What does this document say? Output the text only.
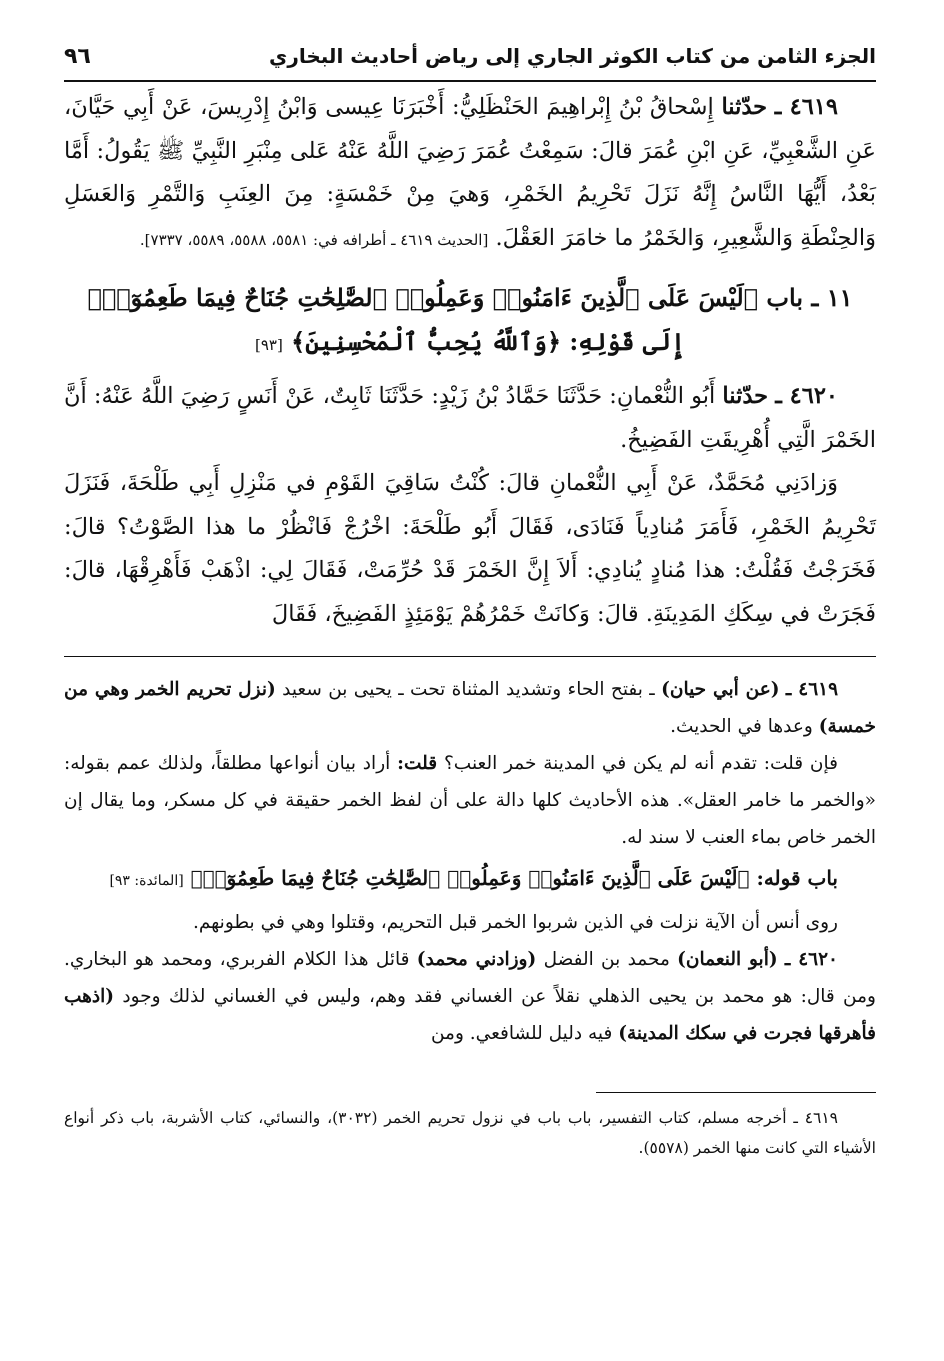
الجزء الثامن من كتاب الكوثر الجاري إلى رياض أحاديث البخاري
٩٦

٤٦١٩ ـ حدّثنا إِسْحاقُ بْنُ إِبْراهِيمَ الحَنْظَلِيُّ: أَخْبَرَنَا عِيسى وَابْنُ إِدْرِيسَ، عَنْ أَبِي حَيَّانَ، عَنِ الشَّعْبِيِّ، عَنِ ابْنِ عُمَرَ قالَ: سَمِعْتُ عُمَرَ رَضِيَ اللَّهُ عَنْهُ عَلى مِنْبَرِ النَّبِيِّ ﷺ يَقُولُ: أَمَّا بَعْدُ، أَيُّهَا النَّاسُ إِنَّهُ نَزَلَ تَحْرِيمُ الخَمْرِ، وَهيَ مِنْ خَمْسَةٍ: مِنَ العِنَبِ وَالتَّمْرِ وَالعَسَلِ وَالحِنْطَةِ وَالشَّعِيرِ، وَالخَمْرُ ما خامَرَ العَقْلَ. [الحديث ٤٦١٩ ـ أطرافه في: ٥٥٨١، ٥٥٨٨، ٥٥٨٩، ٧٣٣٧].

١١ ـ باب ﴿لَيْسَ عَلَى ٱلَّذِينَ ءَامَنُوا۟ وَعَمِلُوا۟ ٱلصَّٰلِحَٰتِ جُنَاحٌ فِيمَا طَعِمُوٓا۟﴾
إِلَى قَوْلِهِ: ﴿وَٱللَّهُ يُحِبُّ ٱلْمُحْسِنِينَ﴾ [٩٣]

٤٦٢٠ ـ حدّثنا أَبُو النُّعْمانِ: حَدَّثَنَا حَمَّادُ بْنُ زَيْدٍ: حَدَّثَنَا ثَابِتٌ، عَنْ أَنَسٍ رَضِيَ اللَّهُ عَنْهُ: أَنَّ الخَمْرَ الَّتِي أُهْرِيقَتِ الفَضِيخُ.

وَزادَنِي مُحَمَّدٌ، عَنْ أَبِي النُّعْمانِ قالَ: كُنْتُ سَاقِيَ القَوْمِ في مَنْزِلِ أَبِي طَلْحَةَ، فَنَزَلَ تَحْرِيمُ الخَمْرِ، فَأَمَرَ مُنادِياً فَنَادَى، فَقَالَ أَبُو طَلْحَةَ: اخْرُجْ فَانْظُرْ ما هذا الصَّوْتُ؟ قالَ: فَخَرَجْتُ فَقُلْتُ: هذا مُنادٍ يُنادِي: أَلاَ إِنَّ الخَمْرَ قَدْ حُرِّمَتْ، فَقَالَ لِي: اذْهَبْ فَأَهْرِقْهَا، قالَ: فَجَرَتْ في سِكَكِ المَدِينَةِ. قالَ: وَكانَتْ خَمْرُهُمْ يَوْمَئِذٍ الفَضِيخَ، فَقَالَ

٤٦١٩ ـ (عن أبي حيان) ـ بفتح الحاء وتشديد المثناة تحت ـ يحيى بن سعيد (نزل تحريم الخمر وهي من خمسة) وعدها في الحديث.

فإن قلت: تقدم أنه لم يكن في المدينة خمر العنب؟ قلت: أراد بيان أنواعها مطلقاً، ولذلك عمم بقوله: «والخمر ما خامر العقل». هذه الأحاديث كلها دالة على أن لفظ الخمر حقيقة في كل مسكر، وما يقال إن الخمر خاص بماء العنب لا سند له.

باب قوله: ﴿لَيْسَ عَلَى ٱلَّذِينَ ءَامَنُوا۟ وَعَمِلُوا۟ ٱلصَّٰلِحَٰتِ جُنَاحٌ فِيمَا طَعِمُوٓا۟﴾ [المائدة: ٩٣]

روى أنس أن الآية نزلت في الذين شربوا الخمر قبل التحريم، وقتلوا وهي في بطونهم.

٤٦٢٠ ـ (أبو النعمان) محمد بن الفضل (وزادني محمد) قائل هذا الكلام الفربري، ومحمد هو البخاري. ومن قال: هو محمد بن يحيى الذهلي نقلاً عن الغساني فقد وهم، وليس في الغساني لذلك وجود (اذهب فأهرقها فجرت في سكك المدينة) فيه دليل للشافعي. ومن

٤٦١٩ ـ أخرجه مسلم، كتاب التفسير، باب باب في نزول تحريم الخمر (٣٠٣٢)، والنسائي، كتاب الأشربة، باب ذكر أنواع الأشياء التي كانت منها الخمر (٥٥٧٨).
